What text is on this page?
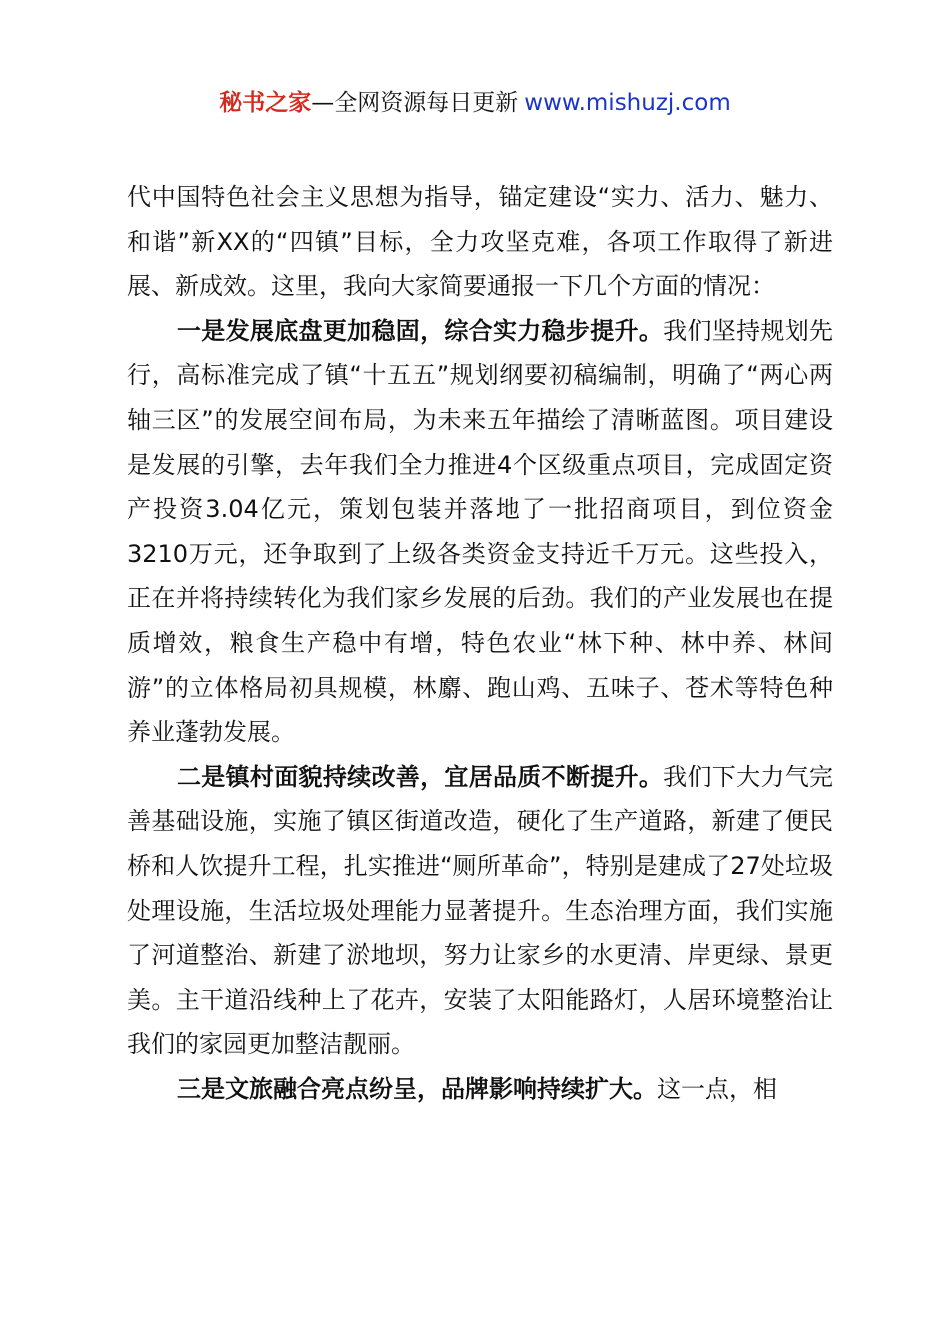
秘书之家—全网资源每日更新 www.mishuzj.com

代中国特色社会主义思想为指导，锚定建设“实力、活力、魅力、和谐”新XX的“四镇”目标，全力攻坚克难，各项工作取得了新进展、新成效。这里，我向大家简要通报一下几个方面的情况：

一是发展底盘更加稳固，综合实力稳步提升。我们坚持规划先行，高标准完成了镇“十五五”规划纲要初稿编制，明确了“两心两轴三区”的发展空间布局，为未来五年描绘了清晰蓝图。项目建设是发展的引擎，去年我们全力推进4个区级重点项目，完成固定资产投资3.04亿元，策划包装并落地了一批招商项目，到位资金3210万元，还争取到了上级各类资金支持近千万元。这些投入，正在并将持续转化为我们家乡发展的后劲。我们的产业发展也在提质增效，粮食生产稳中有增，特色农业“林下种、林中养、林间游”的立体格局初具规模，林麝、跑山鸡、五味子、苍术等特色种养业蓬勃发展。

二是镇村面貌持续改善，宜居品质不断提升。我们下大力气完善基础设施，实施了镇区街道改造，硬化了生产道路，新建了便民桥和人饮提升工程，扎实推进“厕所革命”，特别是建成了27处垃圾处理设施，生活垃圾处理能力显著提升。生态治理方面，我们实施了河道整治、新建了淤地坝，努力让家乡的水更清、岸更绿、景更美。主干道沿线种上了花卉，安装了太阳能路灯，人居环境整治让我们的家园更加整洁靓丽。

三是文旅融合亮点纷呈，品牌影响持续扩大。这一点，相
